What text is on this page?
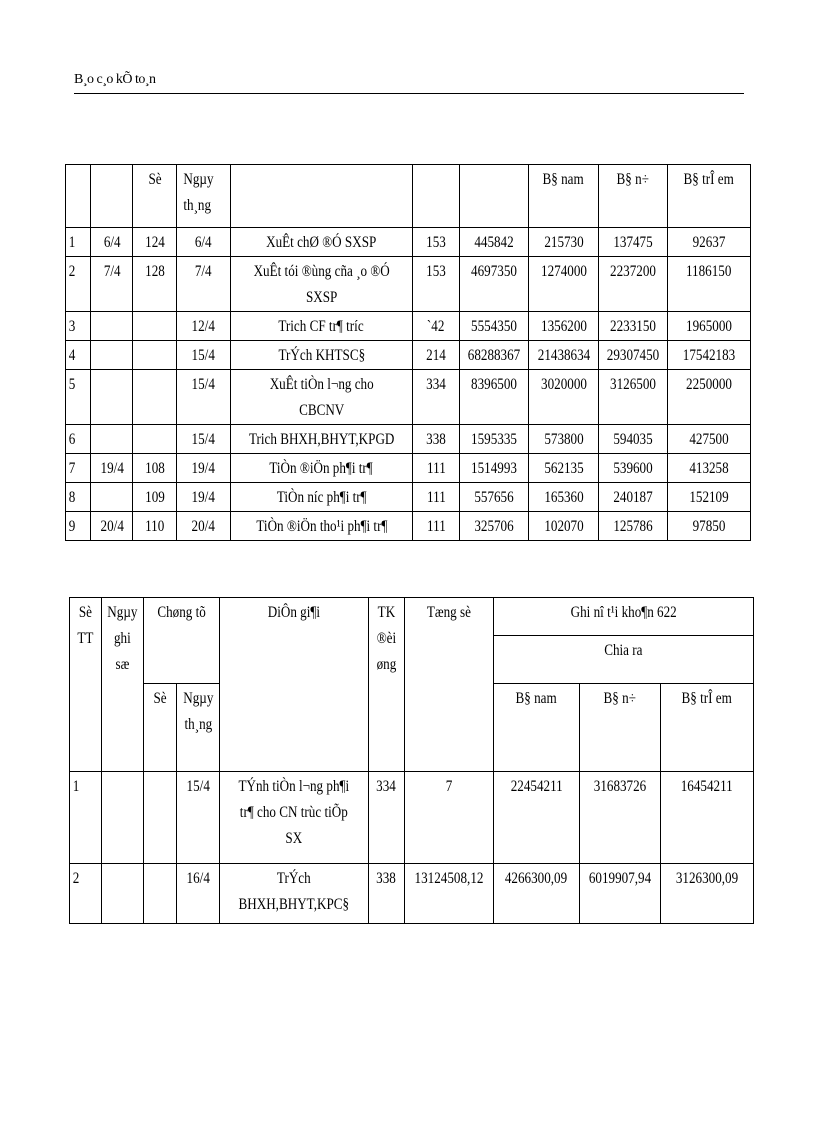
B¸o c¸o kÕ to¸n
		Sè	Ngµy th¸ng				B§ nam	B§ n÷	B§ trÎ em
1	6/4	124	6/4	XuÊt chØ ®Ó SXSP	153	445842	215730	137475	92637
2	7/4	128	7/4	XuÊt tói ®ùng cña ¸o ®Ó SXSP	153	4697350	1274000	2237200	1186150
3			12/4	Trich CF tr¶ tríc	`42	5554350	1356200	2233150	1965000
4			15/4	TrÝch KHTSC§	214	68288367	21438634	29307450	17542183
5			15/4	XuÊt tiÒn l¬ng cho CBCNV	334	8396500	3020000	3126500	2250000
6			15/4	Trich BHXH,BHYT,KPGD	338	1595335	573800	594035	427500
7	19/4	108	19/4	TiÒn ®iÖn ph¶i tr¶	111	1514993	562135	539600	413258
8		109	19/4	TiÒn níc ph¶i tr¶	111	557656	165360	240187	152109
9	20/4	110	20/4	TiÒn ®iÖn tho¹i ph¶i tr¶	111	325706	102070	125786	97850
Sè TT	Ngµy ghi sæ	Chøng tõ		DiÔn gi¶i	TK ®èi øng	Tæng sè	Ghi nî t¹i kho¶n 622		
							Chia ra		
		Sè	Ngµy th¸ng				B§ nam	B§ n÷	B§ trÎ em
1			15/4	TÝnh tiÒn l¬ng ph¶i tr¶ cho CN trùc tiÕp SX	334	7	22454211	31683726	16454211
2			16/4	TrÝch BHXH,BHYT,KPC§	338	13124508,12	4266300,09	6019907,94	3126300,09
